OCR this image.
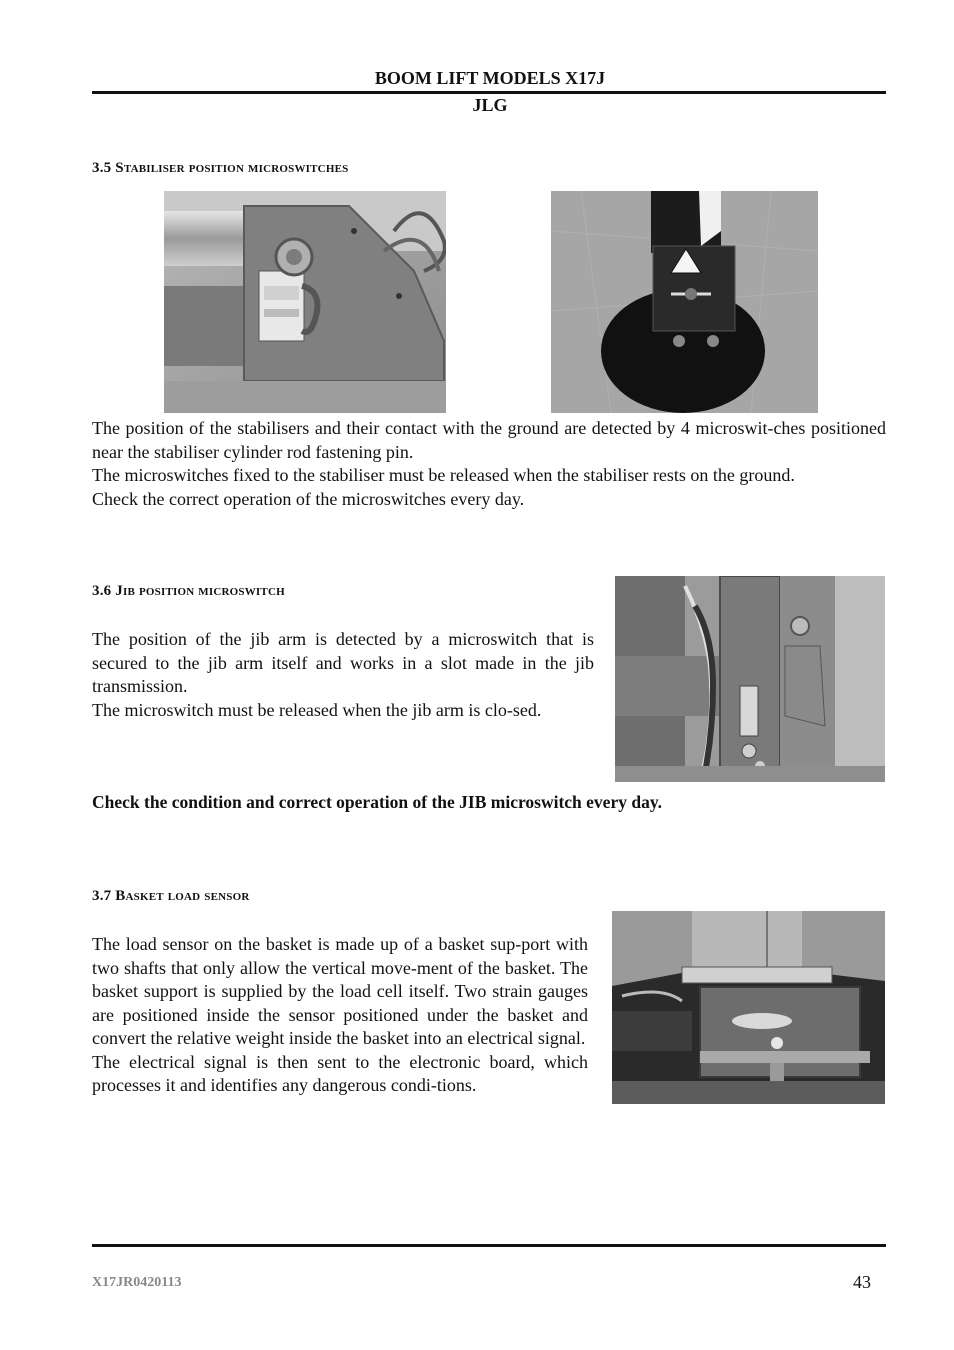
BOOM LIFT MODELS X17J
JLG
3.5 Stabiliser position microswitches

The position of the stabilisers and their contact with the ground are detected by 4 microswit-ches positioned near the stabiliser cylinder rod fastening pin.

The microswitches fixed to the stabiliser must be released when the stabiliser rests on the ground.

Check the correct operation of the microswitches every day.

3.6 Jib position microswitch

The position of the jib arm is detected by a microswitch that is secured to the jib arm itself and works in a slot made in the jib transmission.

The microswitch must be released when the jib arm is clo-sed.

Check the condition and correct operation of the JIB microswitch every day.
3.7 Basket load sensor

The load sensor on the basket is made up of a basket sup-port with two shafts that only allow the vertical move-ment of the basket. The basket support is supplied by the load cell itself. Two strain gauges are positioned inside the sensor positioned under the basket and convert the relative weight inside the basket into an electrical signal.

The electrical signal is then sent to the electronic board, which processes it and identifies any dangerous condi-tions.

X17JR0420113	43
